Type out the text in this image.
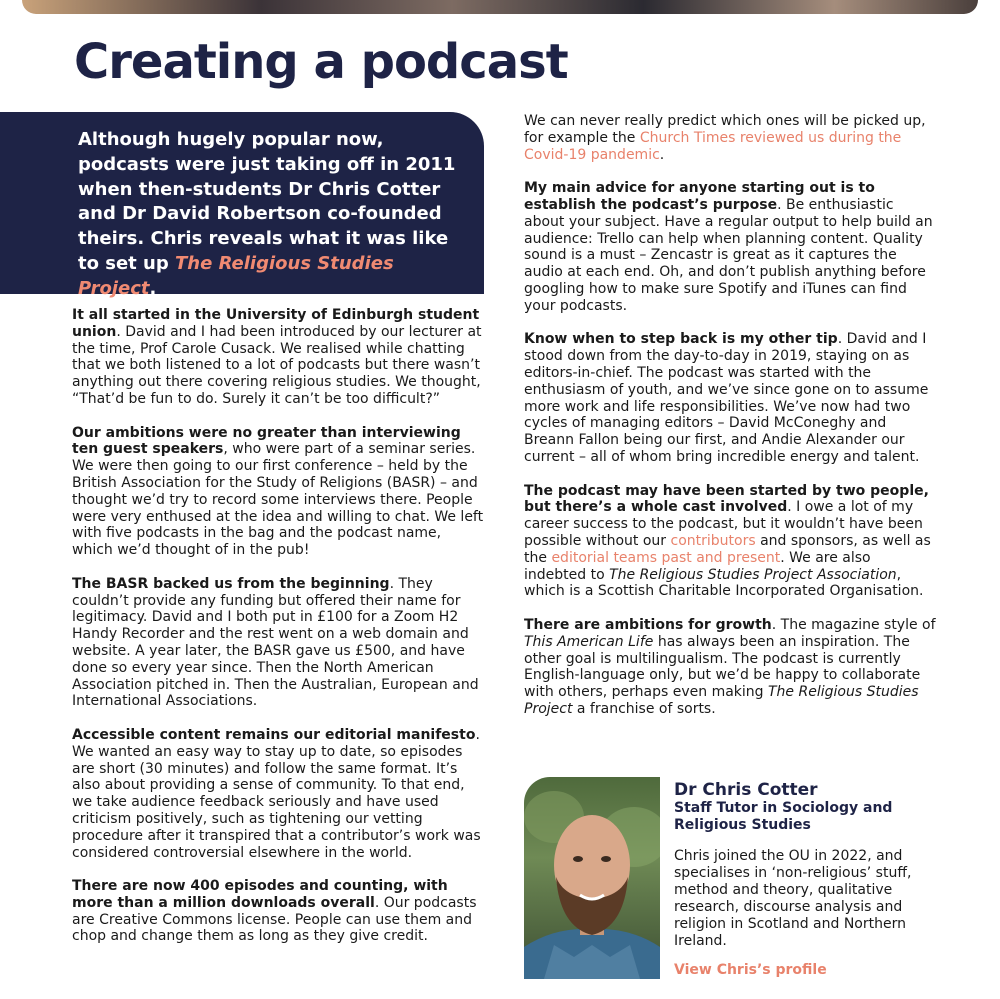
Creating a podcast

Although hugely popular now, podcasts were just taking off in 2011 when then-students Dr Chris Cotter and Dr David Robertson co-founded theirs. Chris reveals what it was like to set up The Religious Studies Project.

It all started in the University of Edinburgh student union. David and I had been introduced by our lecturer at the time, Prof Carole Cusack. We realised while chatting that we both listened to a lot of podcasts but there wasn’t anything out there covering religious studies. We thought, “That’d be fun to do. Surely it can’t be too difficult?”

Our ambitions were no greater than interviewing ten guest speakers, who were part of a seminar series. We were then going to our first conference – held by the British Association for the Study of Religions (BASR) – and thought we’d try to record some interviews there. People were very enthused at the idea and willing to chat. We left with five podcasts in the bag and the podcast name, which we’d thought of in the pub!

The BASR backed us from the beginning. They couldn’t provide any funding but offered their name for legitimacy. David and I both put in £100 for a Zoom H2 Handy Recorder and the rest went on a web domain and website. A year later, the BASR gave us £500, and have done so every year since. Then the North American Association pitched in. Then the Australian, European and International Associations.

Accessible content remains our editorial manifesto. We wanted an easy way to stay up to date, so episodes are short (30 minutes) and follow the same format. It’s also about providing a sense of community. To that end, we take audience feedback seriously and have used criticism positively, such as tightening our vetting procedure after it transpired that a contributor’s work was considered controversial elsewhere in the world.

There are now 400 episodes and counting, with more than a million downloads overall. Our podcasts are Creative Commons license. People can use them and chop and change them as long as they give credit.

We can never really predict which ones will be picked up, for example the Church Times reviewed us during the Covid-19 pandemic.

My main advice for anyone starting out is to establish the podcast’s purpose. Be enthusiastic about your subject. Have a regular output to help build an audience: Trello can help when planning content. Quality sound is a must – Zencastr is great as it captures the audio at each end. Oh, and don’t publish anything before googling how to make sure Spotify and iTunes can find your podcasts.

Know when to step back is my other tip. David and I stood down from the day-to-day in 2019, staying on as editors-in-chief. The podcast was started with the enthusiasm of youth, and we’ve since gone on to assume more work and life responsibilities. We’ve now had two cycles of managing editors – David McConeghy and Breann Fallon being our first, and Andie Alexander our current – all of whom bring incredible energy and talent.

The podcast may have been started by two people, but there’s a whole cast involved. I owe a lot of my career success to the podcast, but it wouldn’t have been possible without our contributors and sponsors, as well as the editorial teams past and present. We are also indebted to The Religious Studies Project Association, which is a Scottish Charitable Incorporated Organisation.

There are ambitions for growth. The magazine style of This American Life has always been an inspiration. The other goal is multilingualism. The podcast is currently English-language only, but we’d be happy to collaborate with others, perhaps even making The Religious Studies Project a franchise of sorts.

Dr Chris Cotter
Staff Tutor in Sociology and Religious Studies
Chris joined the OU in 2022, and specialises in ‘non-religious’ stuff, method and theory, qualitative research, discourse analysis and religion in Scotland and Northern Ireland.
View Chris’s profile
